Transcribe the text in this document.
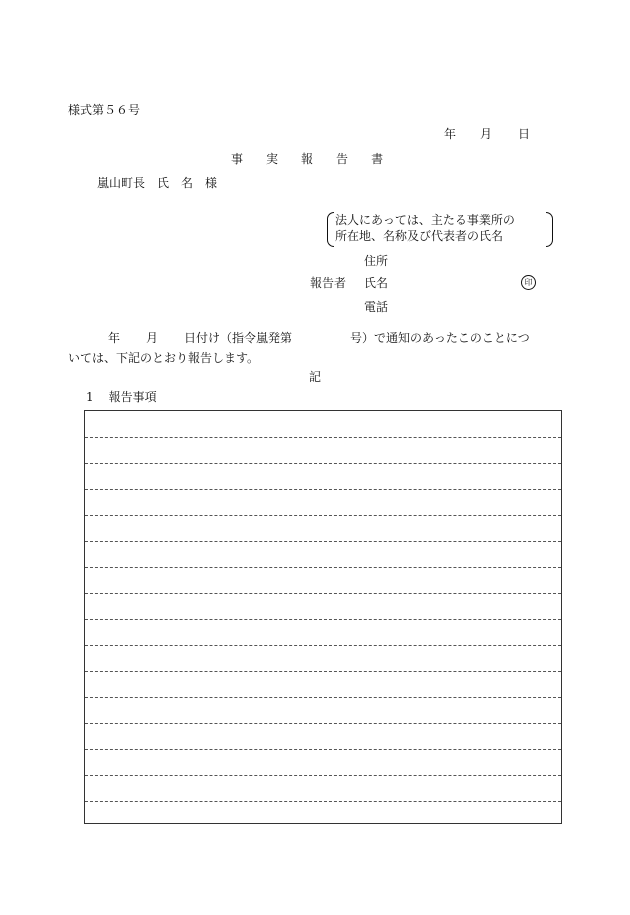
様式第５６号
年 月 日
事 実 報 告 書
嵐山町長 氏 名 様
法人にあっては、主たる事業所の
所在地、名称及び代表者の氏名
住所
報告者 氏名	印
電話
年 月 日付け（指令嵐発第	号）で通知のあったこのことにつ
いては、下記のとおり報告します。
記
1 報告事項
